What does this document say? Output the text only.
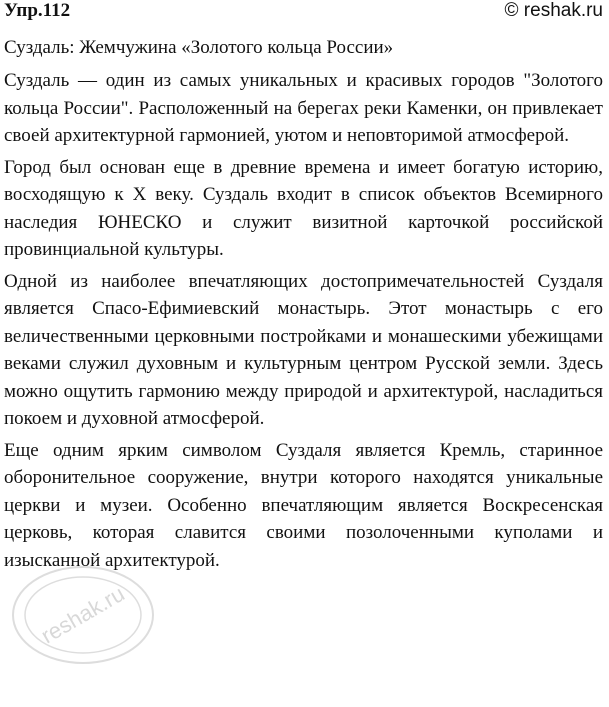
Упр.112	© reshak.ru
Суздаль: Жемчужина «Золотого кольца России»

Суздаль — один из самых уникальных и красивых городов "Золотого кольца России". Расположенный на берегах реки Каменки, он привлекает своей архитектурной гармонией, уютом и неповторимой атмосферой.

Город был основан еще в древние времена и имеет богатую историю, восходящую к X веку. Суздаль входит в список объектов Всемирного наследия ЮНЕСКО и служит визитной карточкой российской провинциальной культуры.

Одной из наиболее впечатляющих достопримечательностей Суздаля является Спасо-Ефимиевский монастырь. Этот монастырь с его величественными церковными постройками и монашескими убежищами веками служил духовным и культурным центром Русской земли. Здесь можно ощутить гармонию между природой и архитектурой, насладиться покоем и духовной атмосферой.

Еще одним ярким символом Суздаля является Кремль, старинное оборонительное сооружение, внутри которого находятся уникальные церкви и музеи. Особенно впечатляющим является Воскресенская церковь, которая славится своими позолоченными куполами и изысканной архитектурой.

reshak.ru
